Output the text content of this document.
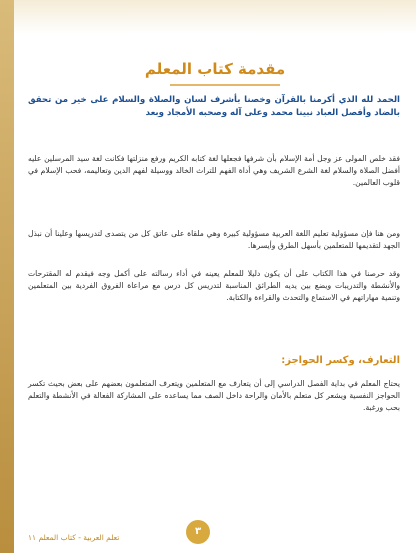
مقدمة كتاب المعلم
الحمد لله الذي أكرمنا بالقرآن وخصنا بأشرف لسان والصلاة والسلام على خير من تحقق بالضاد وأفصل العباد نبينا محمد وعلى آله وصحبه الأمجاد وبعد
فقد خلص المولى عز وجل أمة الإسلام بأن شرفها فجعلها لغة كتابه الكريم ورفع منزلتها فكانت لغة سيد المرسلين عليه أفضل الصلاة والسلام لغة الشرع الشريف وهي أداة الفهم للتراث الخالد ووسيلة لفهم الدين وتعاليمه، فحب الإسلام في قلوب العالمين.
ومن هنا فإن مسؤولية تعليم اللغة العربية مسؤولية كبيرة وهي ملقاة على عاتق كل من يتصدى لتدريسها وعلينا أن نبذل الجهد لتقديمها للمتعلمين بأسهل الطرق وأيسرها.
وقد حرصنا في هذا الكتاب على أن يكون دليلا للمعلم يعينه في أداء رسالته على أكمل وجه فيقدم له المقترحات والأنشطة والتدريبات ويضع بين يديه الطرائق المناسبة لتدريس كل درس مع مراعاة الفروق الفردية بين المتعلمين وتنمية مهاراتهم في الاستماع والتحدث والقراءة والكتابة.
التعارف، وكسر الحواجز:
يحتاج المعلم في بداية الفصل الدراسي إلى أن يتعارف مع المتعلمين ويتعرف المتعلمون بعضهم على بعض بحيث تكسر الحواجز النفسية ويشعر كل متعلم بالأمان والراحة داخل الصف مما يساعده على المشاركة الفعالة في الأنشطة والتعلم بحب ورغبة.
٣
تعلم العربية - كتاب المعلم ١١
